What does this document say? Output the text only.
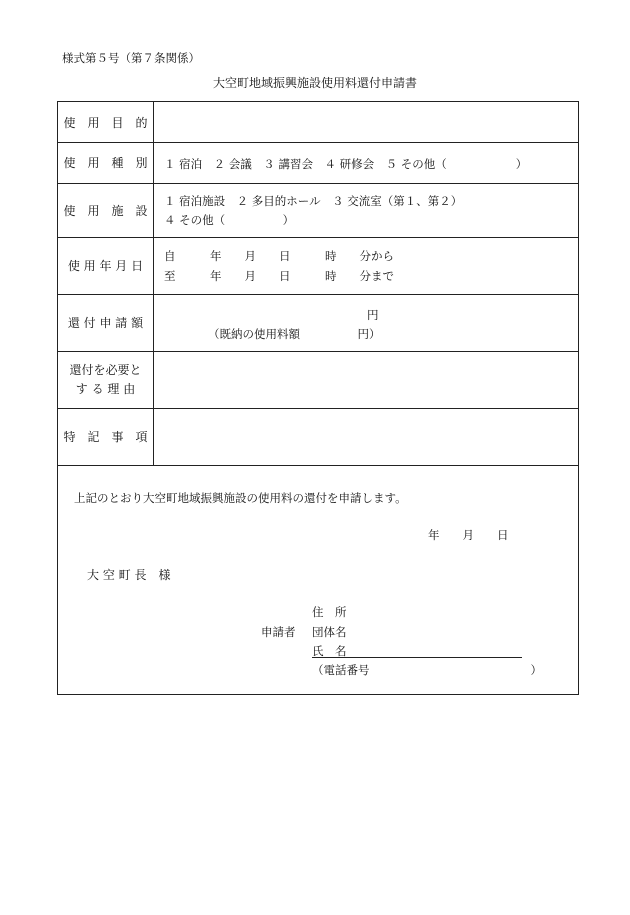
様式第５号（第７条関係）
大空町地域振興施設使用料還付申請書
使　用　目　的
使　用　種　別	１ 宿泊　２ 会議　３ 講習会　４ 研修会　５ その他（　　　　　　）
使　用　施　設
１ 宿泊施設　２ 多目的ホール　３ 交流室（第１、第２）
４ その他（　　　　　）
使 用 年 月 日
自　　　年　　月　　日　　　時　　分から
至　　　年　　月　　日　　　時　　分まで
還 付 申 請 額
円
（既納の使用料額　　　　　円）
還付を必要と
す る 理 由
特　記　事　項
上記のとおり大空町地域振興施設の使用料の還付を申請します。
年　　月　　日
大 空 町 長　様
住　所
申請者 団体名
氏　名
（電話番号　　　　　　　　　　　　　　）
